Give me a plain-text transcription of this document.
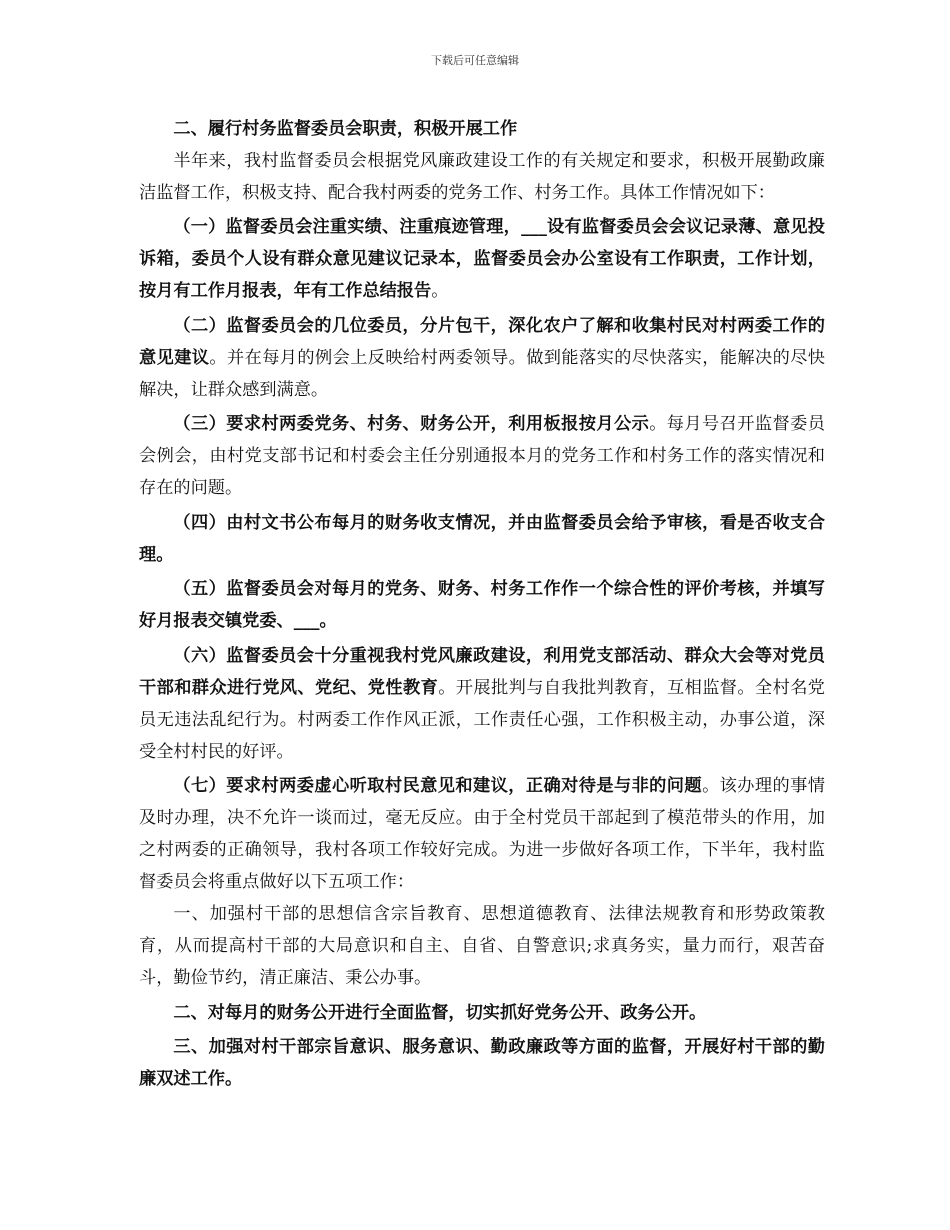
下载后可任意编辑

二、履行村务监督委员会职责，积极开展工作

半年来，我村监督委员会根据党风廉政建设工作的有关规定和要求，积极开展勤政廉洁监督工作，积极支持、配合我村两委的党务工作、村务工作。具体工作情况如下：

（一）监督委员会注重实绩、注重痕迹管理，___设有监督委员会会议记录薄、意见投诉箱，委员个人设有群众意见建议记录本，监督委员会办公室设有工作职责，工作计划，按月有工作月报表，年有工作总结报告。

（二）监督委员会的几位委员，分片包干，深化农户了解和收集村民对村两委工作的意见建议。并在每月的例会上反映给村两委领导。做到能落实的尽快落实，能解决的尽快解决，让群众感到满意。

（三）要求村两委党务、村务、财务公开，利用板报按月公示。每月号召开监督委员会例会，由村党支部书记和村委会主任分别通报本月的党务工作和村务工作的落实情况和存在的问题。

（四）由村文书公布每月的财务收支情况，并由监督委员会给予审核，看是否收支合理。

（五）监督委员会对每月的党务、财务、村务工作作一个综合性的评价考核，并填写好月报表交镇党委、___。

（六）监督委员会十分重视我村党风廉政建设，利用党支部活动、群众大会等对党员干部和群众进行党风、党纪、党性教育。开展批判与自我批判教育，互相监督。全村名党员无违法乱纪行为。村两委工作作风正派，工作责任心强，工作积极主动，办事公道，深受全村村民的好评。

（七）要求村两委虚心听取村民意见和建议，正确对待是与非的问题。该办理的事情及时办理，决不允许一谈而过，毫无反应。由于全村党员干部起到了模范带头的作用，加之村两委的正确领导，我村各项工作较好完成。为进一步做好各项工作，下半年，我村监督委员会将重点做好以下五项工作：

一、加强村干部的思想信含宗旨教育、思想道德教育、法律法规教育和形势政策教育，从而提高村干部的大局意识和自主、自省、自警意识;求真务实，量力而行，艰苦奋斗，勤俭节约，清正廉洁、秉公办事。

二、对每月的财务公开进行全面监督，切实抓好党务公开、政务公开。

三、加强对村干部宗旨意识、服务意识、勤政廉政等方面的监督，开展好村干部的勤廉双述工作。
